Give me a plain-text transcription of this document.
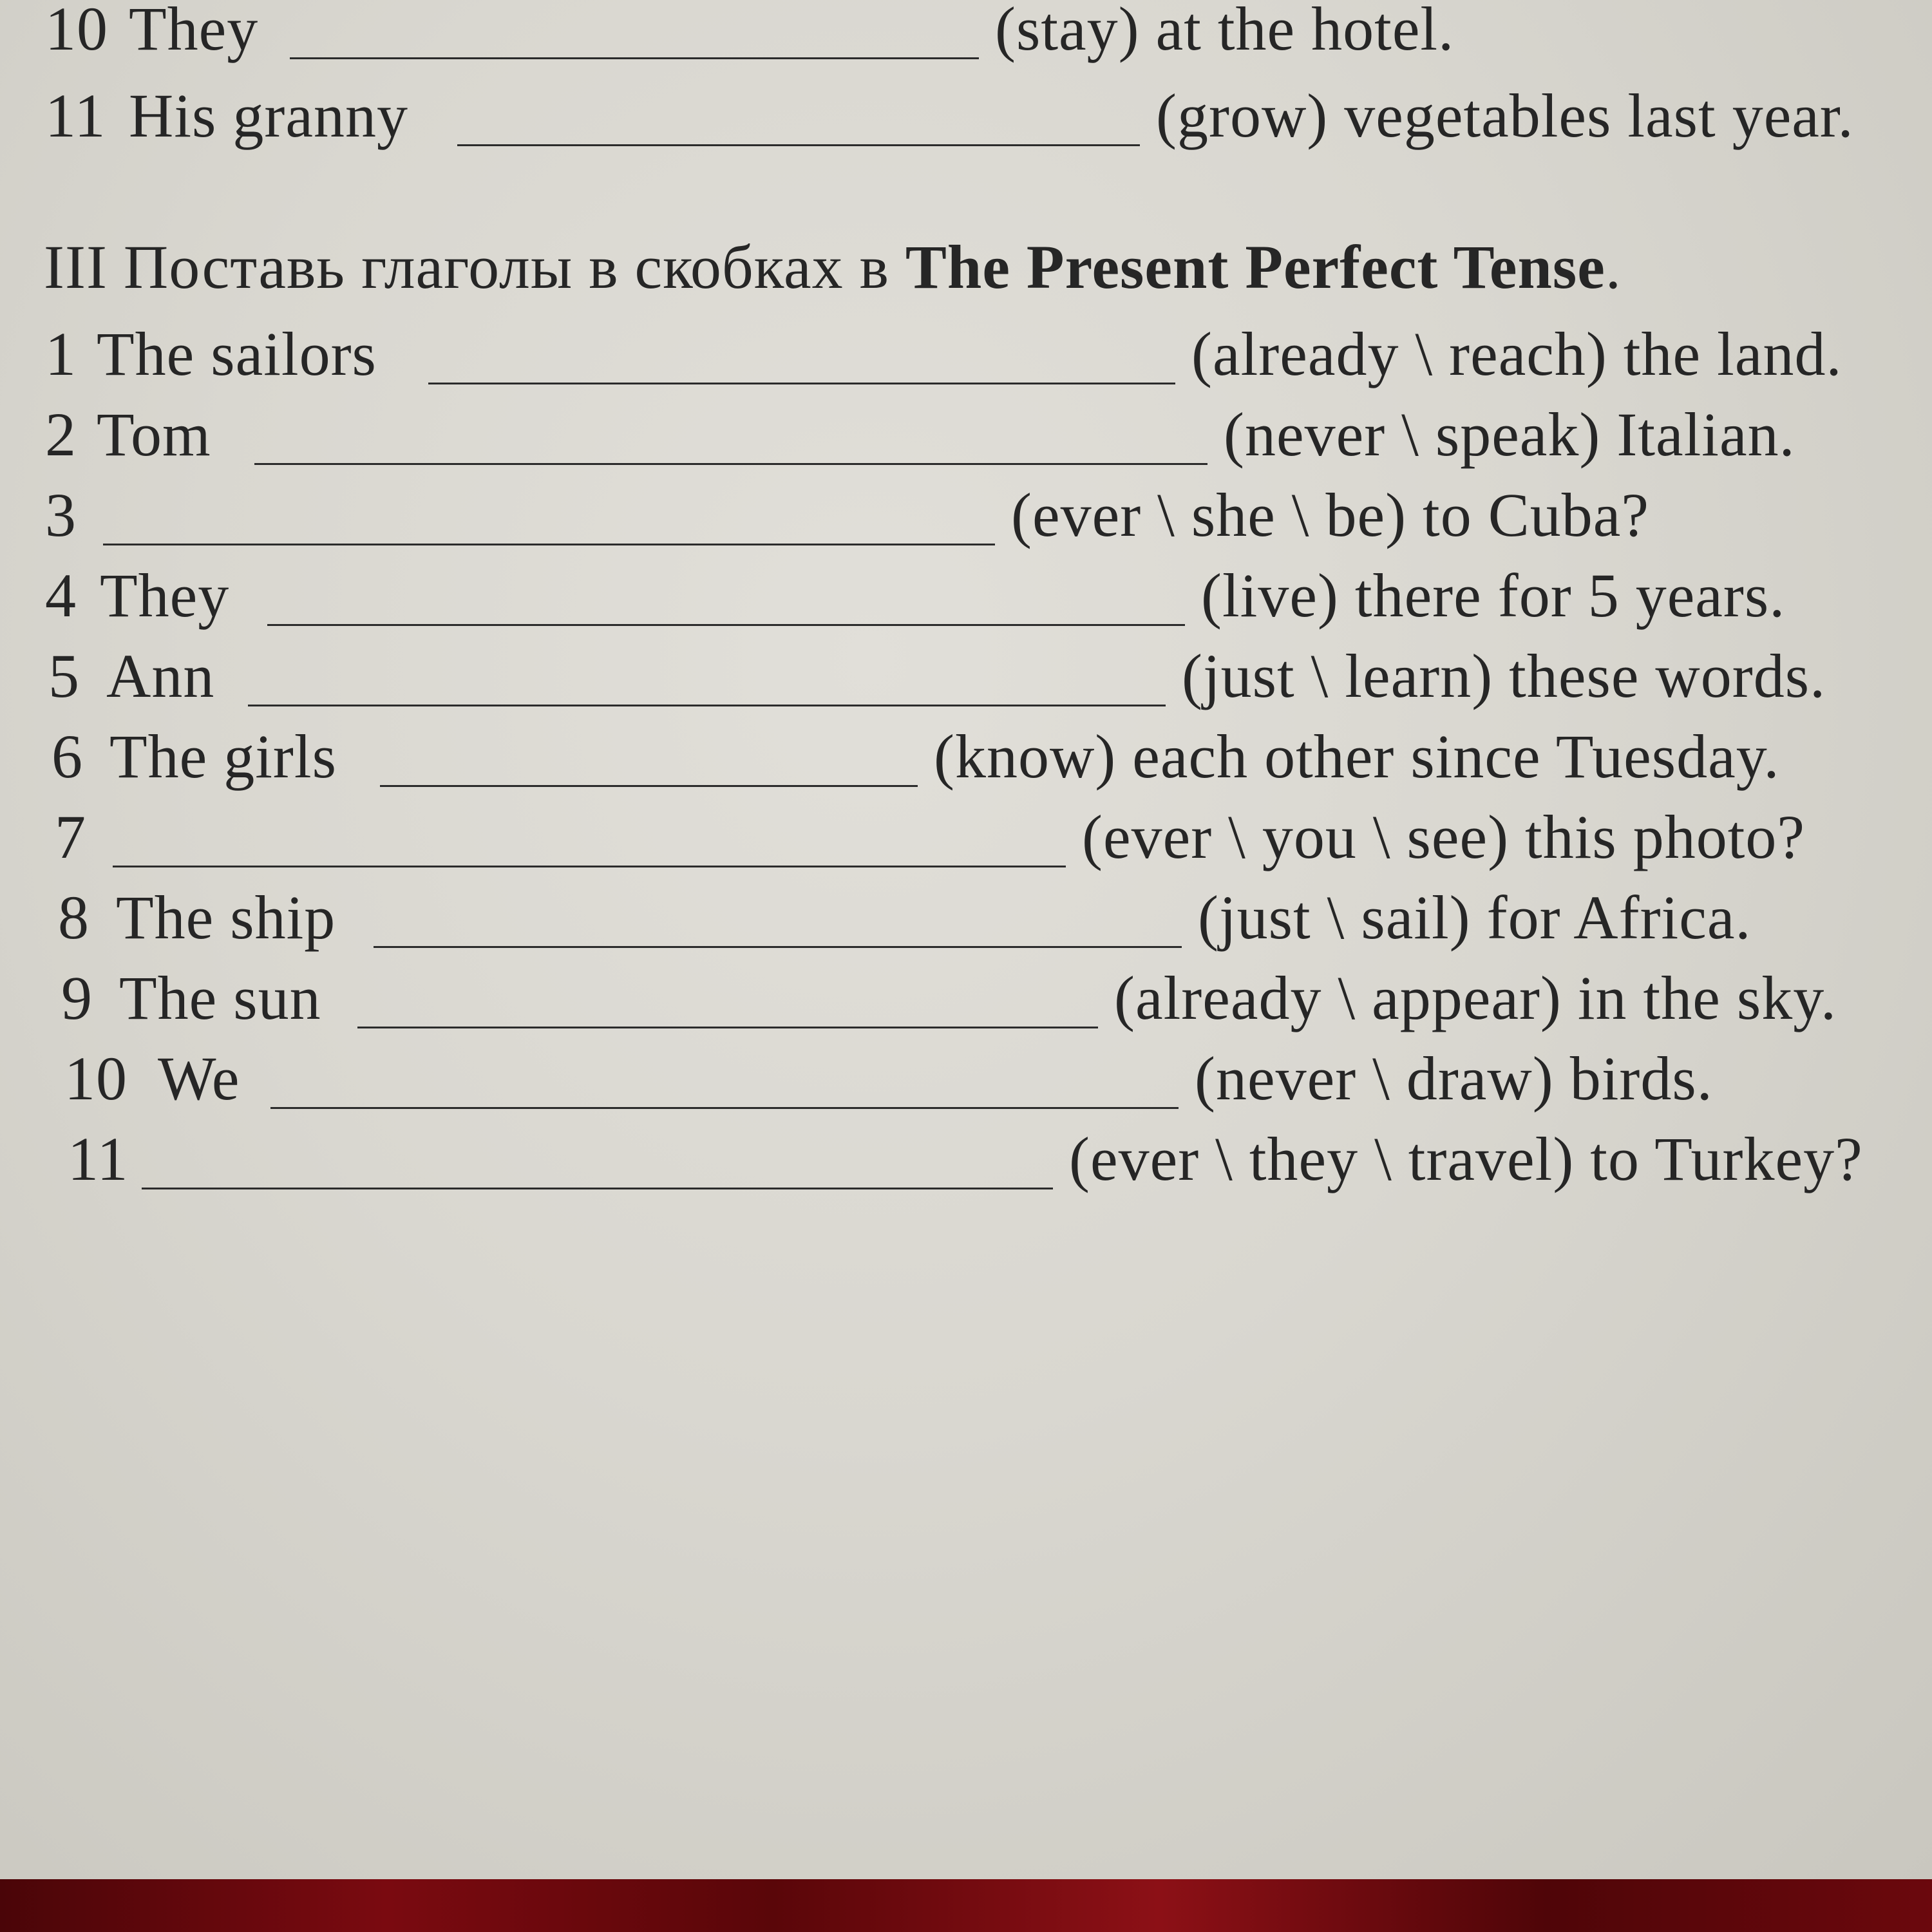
10 They	(stay) at the hotel.
11 His granny	(grow) vegetables last year.
III Поставь глаголы в скобках в The Present Perfect Tense.
1 The sailors	(already \ reach) the land.
2 Tom	(never \ speak) Italian.
3	(ever \ she \ be) to Cuba?
4 They	(live) there for 5 years.
5 Ann	(just \ learn) these words.
6 The girls	(know) each other since Tuesday.
7	(ever \ you \ see) this photo?
8 The ship	(just \ sail) for Africa.
9 The sun	(already \ appear) in the sky.
10 We	(never \ draw) birds.
11	(ever \ they \ travel) to Turkey?
